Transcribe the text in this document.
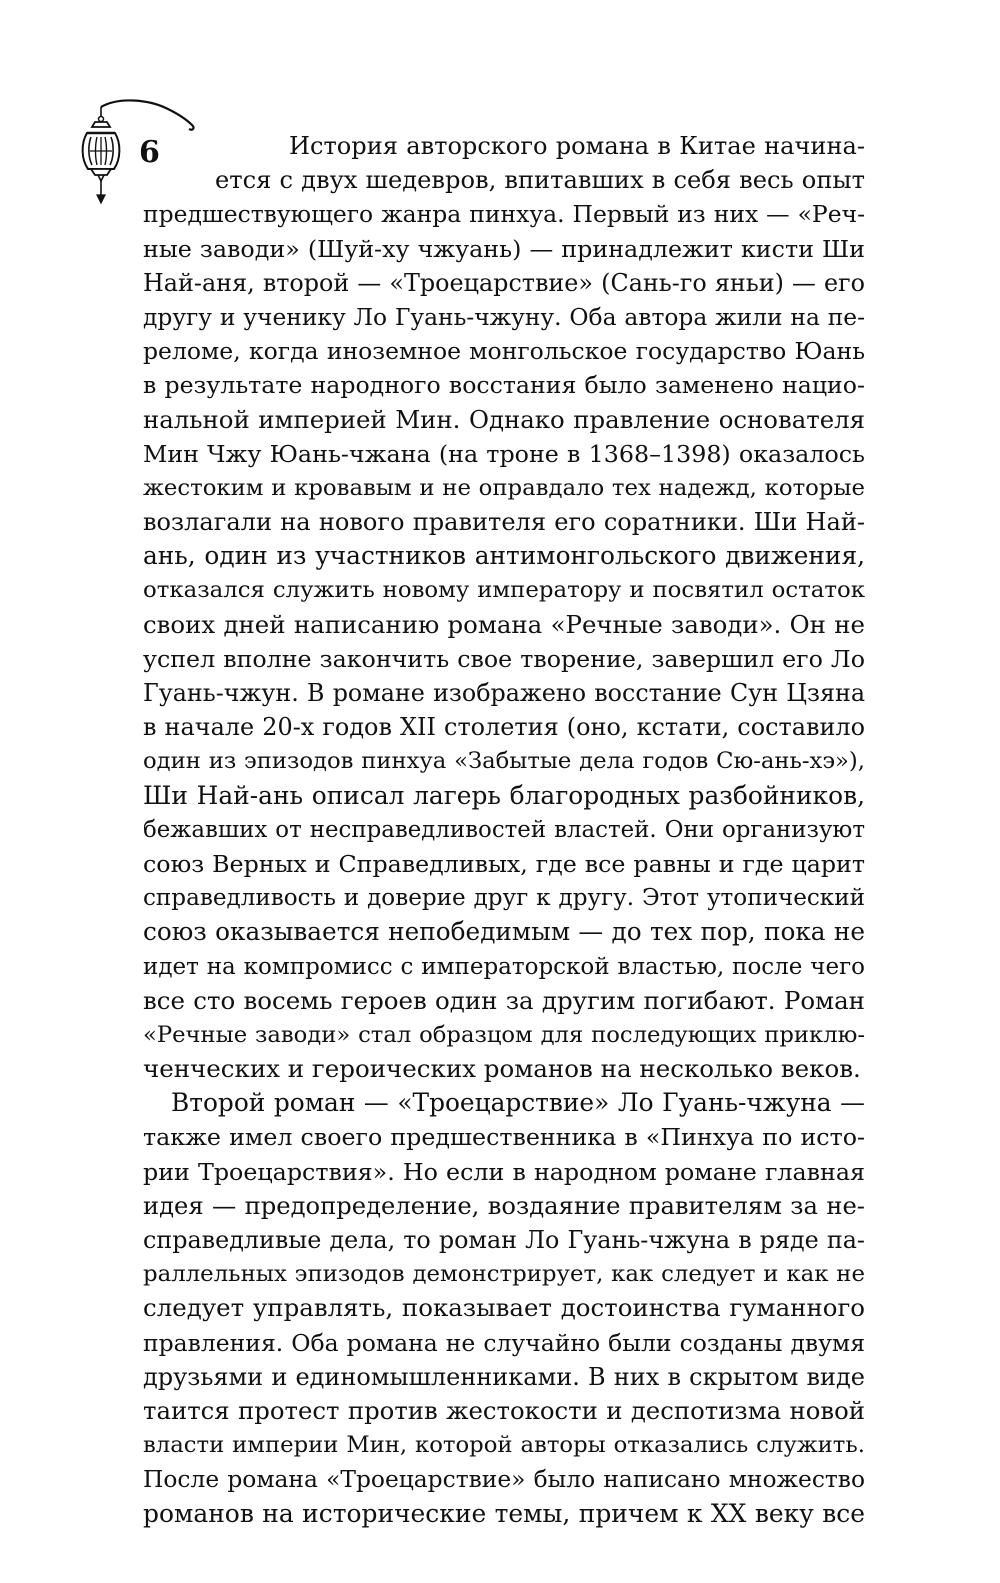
6	История авторского романа в Китае начина-
ется с двух шедевров, впитавших в себя весь опыт
предшествующего жанра пинхуа. Первый из них — «Реч-
ные заводи» (Шуй-ху чжуань) — принадлежит кисти Ши
Най-аня, второй — «Троецарствие» (Сань-го яньи) — его
другу и ученику Ло Гуань-чжуну. Оба автора жили на пе-
реломе, когда иноземное монгольское государство Юань
в результате народного восстания было заменено нацио-
нальной империей Мин. Однако правление основателя
Мин Чжу Юань-чжана (на троне в 1368–1398) оказалось
жестоким и кровавым и не оправдало тех надежд, которые
возлагали на нового правителя его соратники. Ши Най-
ань, один из участников антимонгольского движения,
отказался служить новому императору и посвятил остаток
своих дней написанию романа «Речные заводи». Он не
успел вполне закончить свое творение, завершил его Ло
Гуань-чжун. В романе изображено восстание Сун Цзяна
в начале 20-х годов XII столетия (оно, кстати, составило
один из эпизодов пинхуа «Забытые дела годов Сю-ань-хэ»),
Ши Най-ань описал лагерь благородных разбойников,
бежавших от несправедливостей властей. Они организуют
союз Верных и Справедливых, где все равны и где царит
справедливость и доверие друг к другу. Этот утопический
союз оказывается непобедимым — до тех пор, пока не
идет на компромисс с императорской властью, после чего
все сто восемь героев один за другим погибают. Роман
«Речные заводи» стал образцом для последующих приклю-
ченческих и героических романов на несколько веков.
Второй роман — «Троецарствие» Ло Гуань-чжуна —
также имел своего предшественника в «Пинхуа по исто-
рии Троецарствия». Но если в народном романе главная
идея — предопределение, воздаяние правителям за не-
справедливые дела, то роман Ло Гуань-чжуна в ряде па-
раллельных эпизодов демонстрирует, как следует и как не
следует управлять, показывает достоинства гуманного
правления. Оба романа не случайно были созданы двумя
друзьями и единомышленниками. В них в скрытом виде
таится протест против жестокости и деспотизма новой
власти империи Мин, которой авторы отказались служить.
После романа «Троецарствие» было написано множество
романов на исторические темы, причем к XX веку все
